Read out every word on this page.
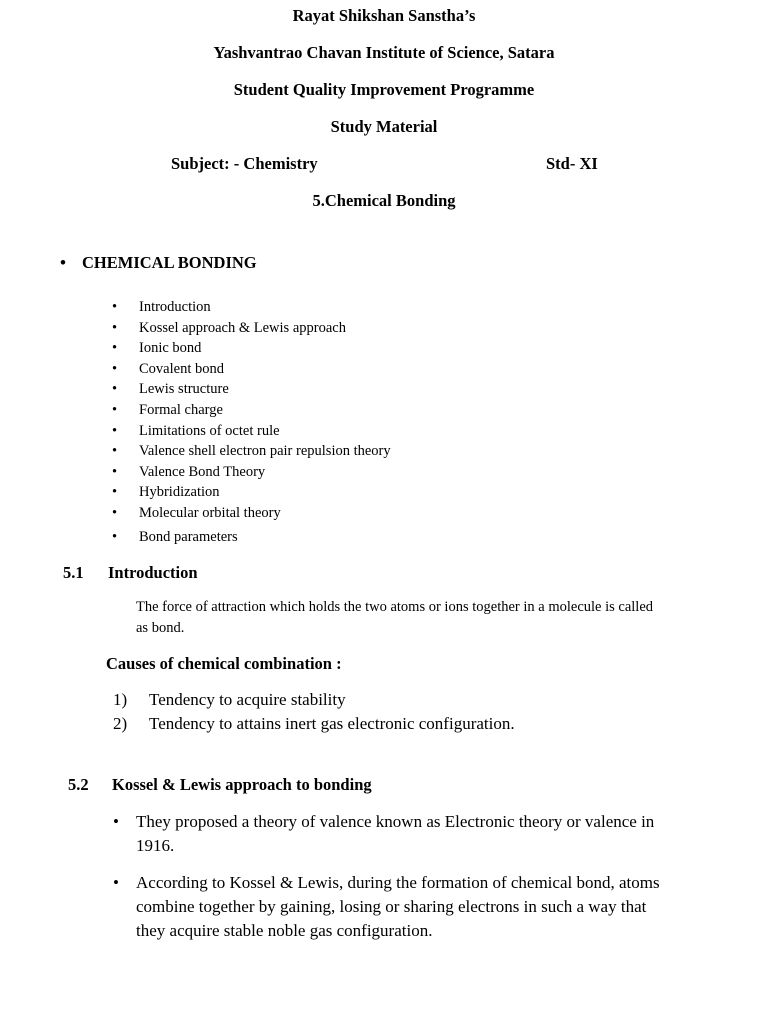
Rayat Shikshan Sanstha’s
Yashvantrao Chavan Institute of Science, Satara
Student Quality Improvement Programme
Study Material
Subject: - Chemistry	Std- XI
5.Chemical Bonding
• CHEMICAL BONDING
• Introduction
• Kossel approach & Lewis approach
• Ionic bond
• Covalent bond
• Lewis structure
• Formal charge
• Limitations of octet rule
• Valence shell electron pair repulsion theory
• Valence Bond Theory
• Hybridization
• Molecular orbital theory
• Bond parameters
5.1 Introduction
The force of attraction which holds the two atoms or ions together in a molecule is called
as bond.
Causes of chemical combination :
1) Tendency to acquire stability
2) Tendency to attains inert gas electronic configuration.
5.2 Kossel & Lewis approach to bonding
• They proposed a theory of valence known as Electronic theory or valence in
1916.
• According to Kossel & Lewis, during the formation of chemical bond, atoms
combine together by gaining, losing or sharing electrons in such a way that
they acquire stable noble gas configuration.
